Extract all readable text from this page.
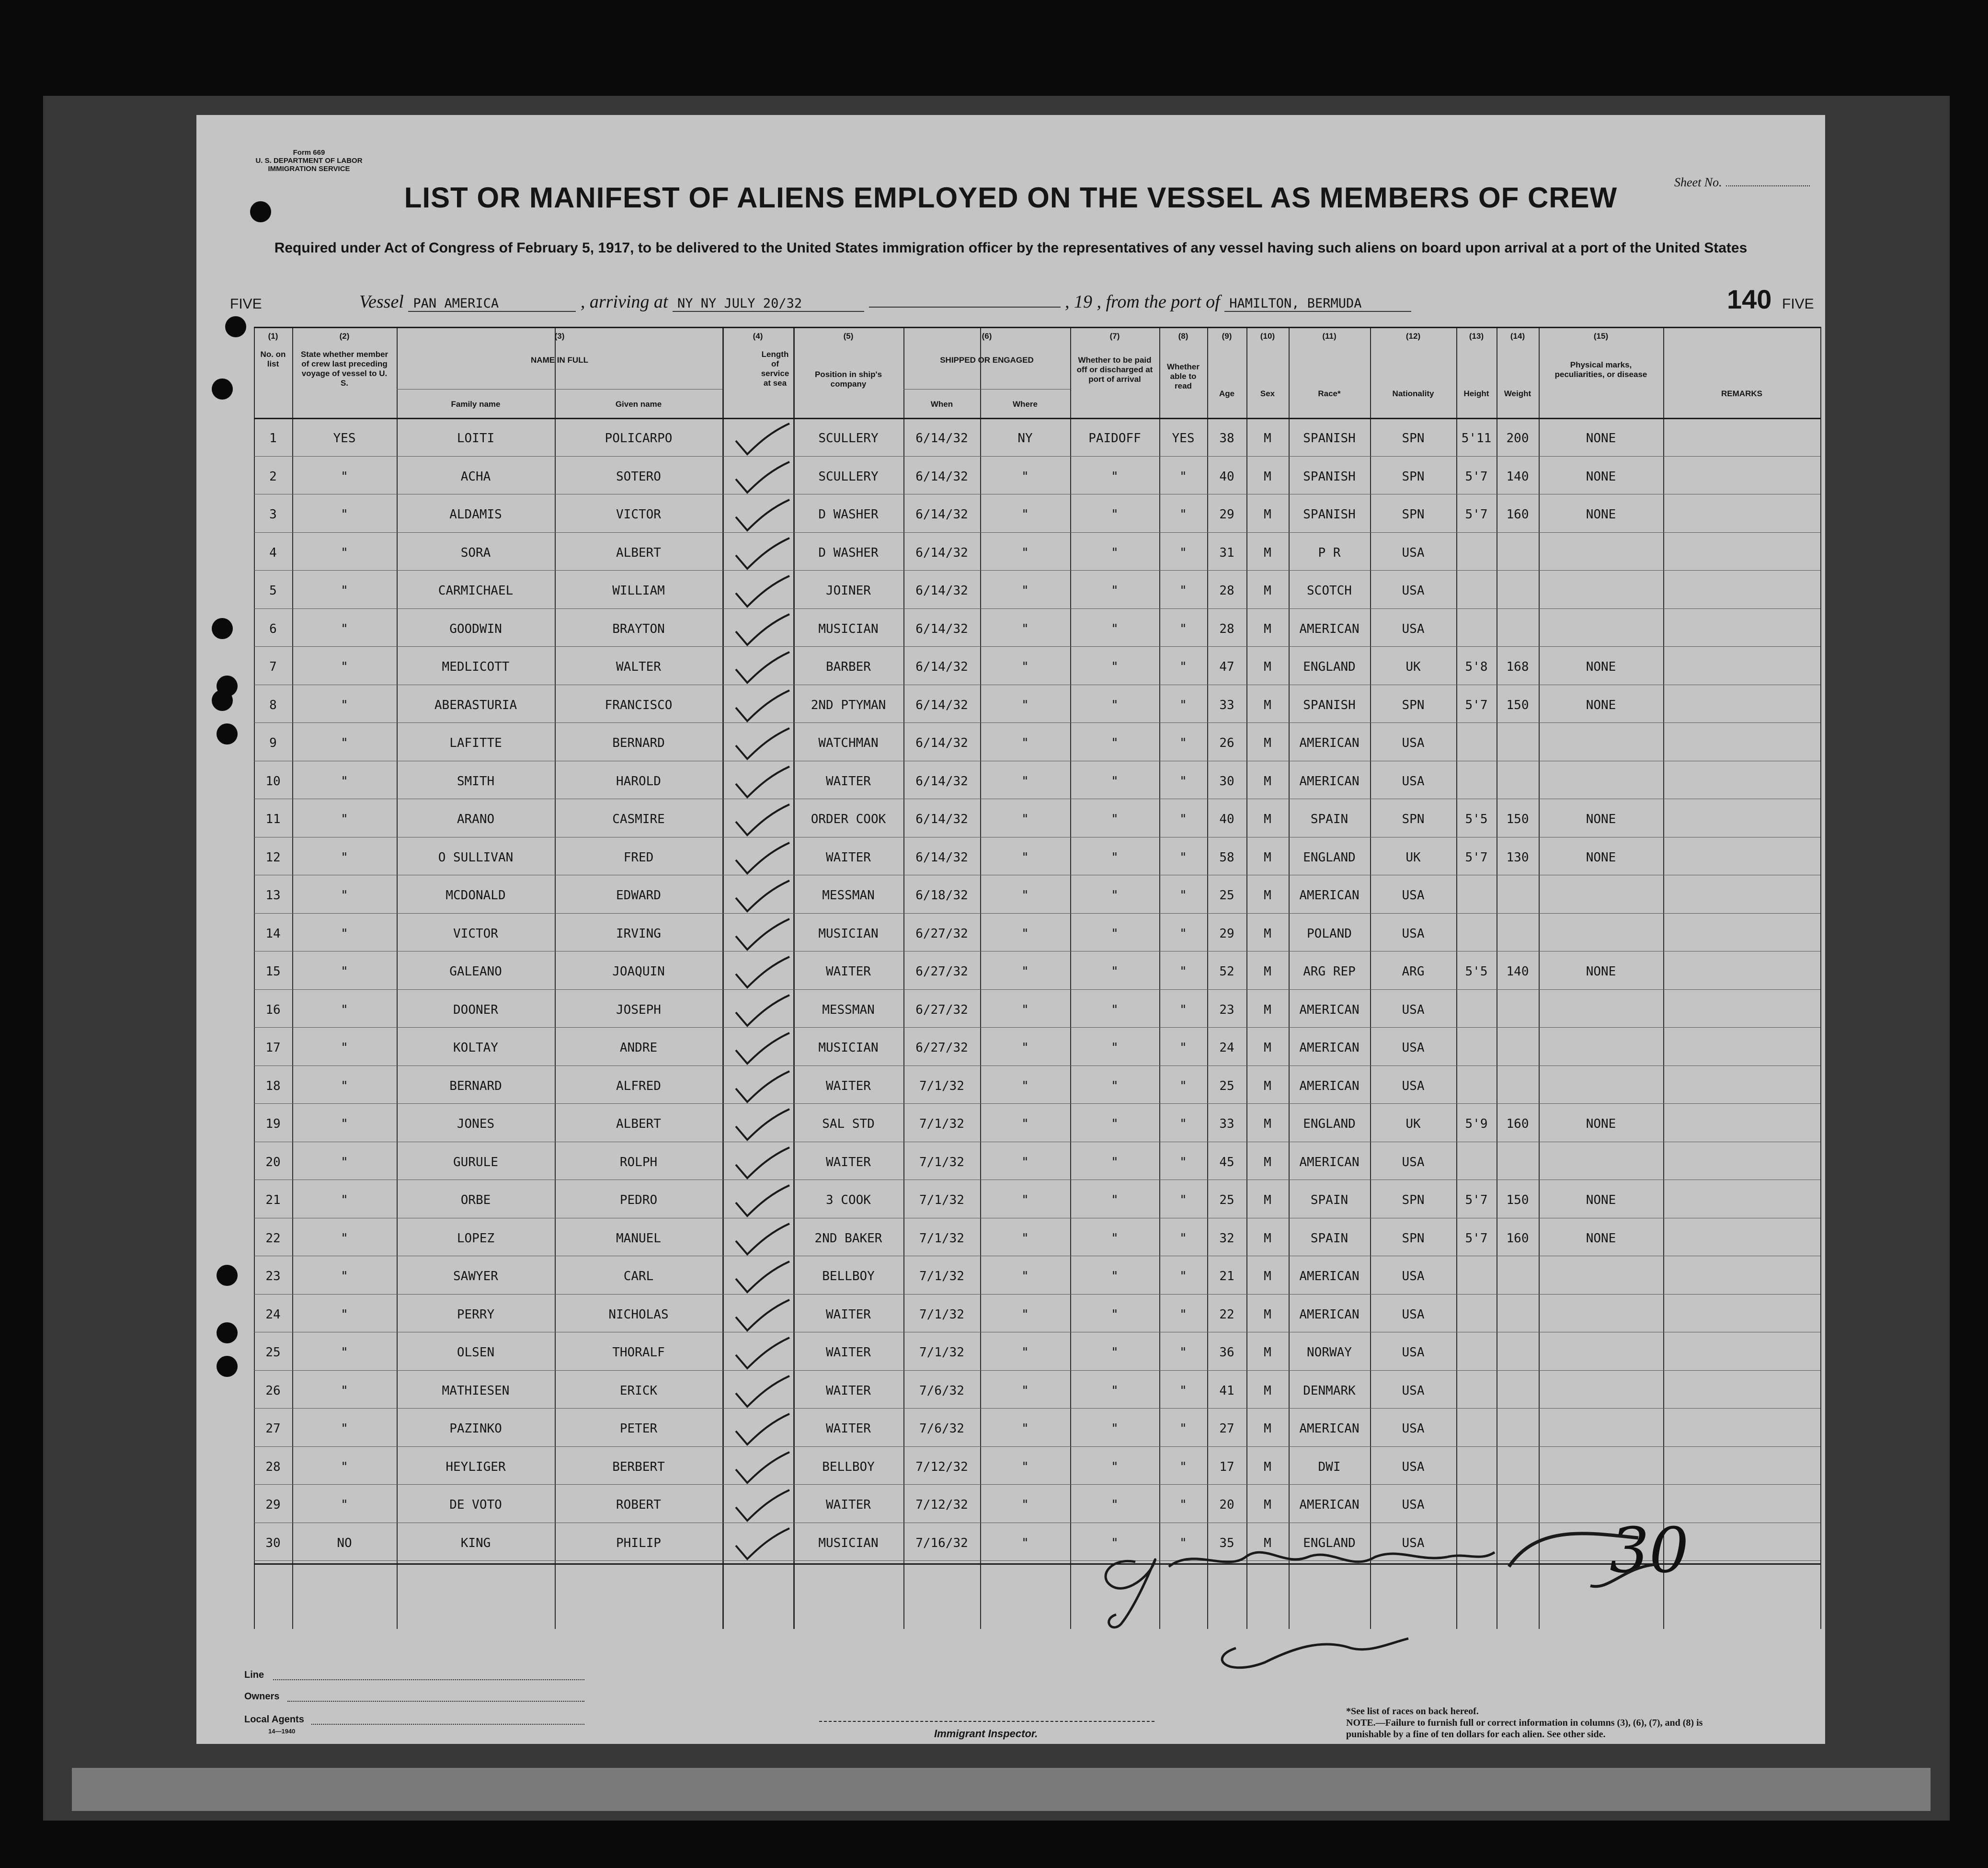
Form 669
U. S. DEPARTMENT OF LABOR
IMMIGRATION SERVICE
Sheet No.
LIST OR MANIFEST OF ALIENS EMPLOYED ON THE VESSEL AS MEMBERS OF CREW
Required under Act of Congress of February 5, 1917, to be delivered to the United States immigration officer by the representatives of any vessel having such aliens on board upon arrival at a port of the United States
FIVE	Vessel PAN AMERICA	, arriving at NY NY JULY 20/32	, 19 , from the port of HAMILTON, BERMUDA	140 FIVE
(1)
No. on list
(2)
State whether member of crew last preceding voyage of vessel to U. S.
(3)
NAME IN FULL
Family name	Given name
(4)
Length of service at sea
(5)
Position in ship's company
(6)
SHIPPED OR ENGAGED
When	Where
(7)
Whether to be paid off or discharged at port of arrival
(8)
Whether able to read
(9)
Age
(10)
Sex
(11)
Race*
(12)
Nationality
(13)
Height
(14)
Weight
(15)
Physical marks, peculiarities, or disease
REMARKS
1	YES	LOITI	POLICARPO	SCULLERY	6/14/32	NY	PAIDOFF	YES	38	M	SPANISH	SPN	5'11	200	NONE
2	"	ACHA	SOTERO	SCULLERY	6/14/32	"	"	"	40	M	SPANISH	SPN	5'7	140	NONE
3	"	ALDAMIS	VICTOR	D WASHER	6/14/32	"	"	"	29	M	SPANISH	SPN	5'7	160	NONE
4	"	SORA	ALBERT	D WASHER	6/14/32	"	"	"	31	M	P R	USA
5	"	CARMICHAEL	WILLIAM	JOINER	6/14/32	"	"	"	28	M	SCOTCH	USA
6	"	GOODWIN	BRAYTON	MUSICIAN	6/14/32	"	"	"	28	M	AMERICAN	USA
7	"	MEDLICOTT	WALTER	BARBER	6/14/32	"	"	"	47	M	ENGLAND	UK	5'8	168	NONE
8	"	ABERASTURIA	FRANCISCO	2ND PTYMAN	6/14/32	"	"	"	33	M	SPANISH	SPN	5'7	150	NONE
9	"	LAFITTE	BERNARD	WATCHMAN	6/14/32	"	"	"	26	M	AMERICAN	USA
10	"	SMITH	HAROLD	WAITER	6/14/32	"	"	"	30	M	AMERICAN	USA
11	"	ARANO	CASMIRE	ORDER COOK	6/14/32	"	"	"	40	M	SPAIN	SPN	5'5	150	NONE
12	"	O SULLIVAN	FRED	WAITER	6/14/32	"	"	"	58	M	ENGLAND	UK	5'7	130	NONE
13	"	MCDONALD	EDWARD	MESSMAN	6/18/32	"	"	"	25	M	AMERICAN	USA
14	"	VICTOR	IRVING	MUSICIAN	6/27/32	"	"	"	29	M	POLAND	USA
15	"	GALEANO	JOAQUIN	WAITER	6/27/32	"	"	"	52	M	ARG REP	ARG	5'5	140	NONE
16	"	DOONER	JOSEPH	MESSMAN	6/27/32	"	"	"	23	M	AMERICAN	USA
17	"	KOLTAY	ANDRE	MUSICIAN	6/27/32	"	"	"	24	M	AMERICAN	USA
18	"	BERNARD	ALFRED	WAITER	7/1/32	"	"	"	25	M	AMERICAN	USA
19	"	JONES	ALBERT	SAL STD	7/1/32	"	"	"	33	M	ENGLAND	UK	5'9	160	NONE
20	"	GURULE	ROLPH	WAITER	7/1/32	"	"	"	45	M	AMERICAN	USA
21	"	ORBE	PEDRO	3 COOK	7/1/32	"	"	"	25	M	SPAIN	SPN	5'7	150	NONE
22	"	LOPEZ	MANUEL	2ND BAKER	7/1/32	"	"	"	32	M	SPAIN	SPN	5'7	160	NONE
23	"	SAWYER	CARL	BELLBOY	7/1/32	"	"	"	21	M	AMERICAN	USA
24	"	PERRY	NICHOLAS	WAITER	7/1/32	"	"	"	22	M	AMERICAN	USA
25	"	OLSEN	THORALF	WAITER	7/1/32	"	"	"	36	M	NORWAY	USA
26	"	MATHIESEN	ERICK	WAITER	7/6/32	"	"	"	41	M	DENMARK	USA
27	"	PAZINKO	PETER	WAITER	7/6/32	"	"	"	27	M	AMERICAN	USA
28	"	HEYLIGER	BERBERT	BELLBOY	7/12/32	"	"	"	17	M	DWI	USA
29	"	DE VOTO	ROBERT	WAITER	7/12/32	"	"	"	20	M	AMERICAN	USA
30	NO	KING	PHILIP	MUSICIAN	7/16/32	"	"	"	35	M	ENGLAND	USA	30
Line
Owners
Local Agents
14—1940	Immigrant Inspector.
*See list of races on back hereof.
NOTE.—Failure to furnish full or correct information in columns (3), (6), (7), and (8) is punishable by a fine of ten dollars for each alien. See other side.
